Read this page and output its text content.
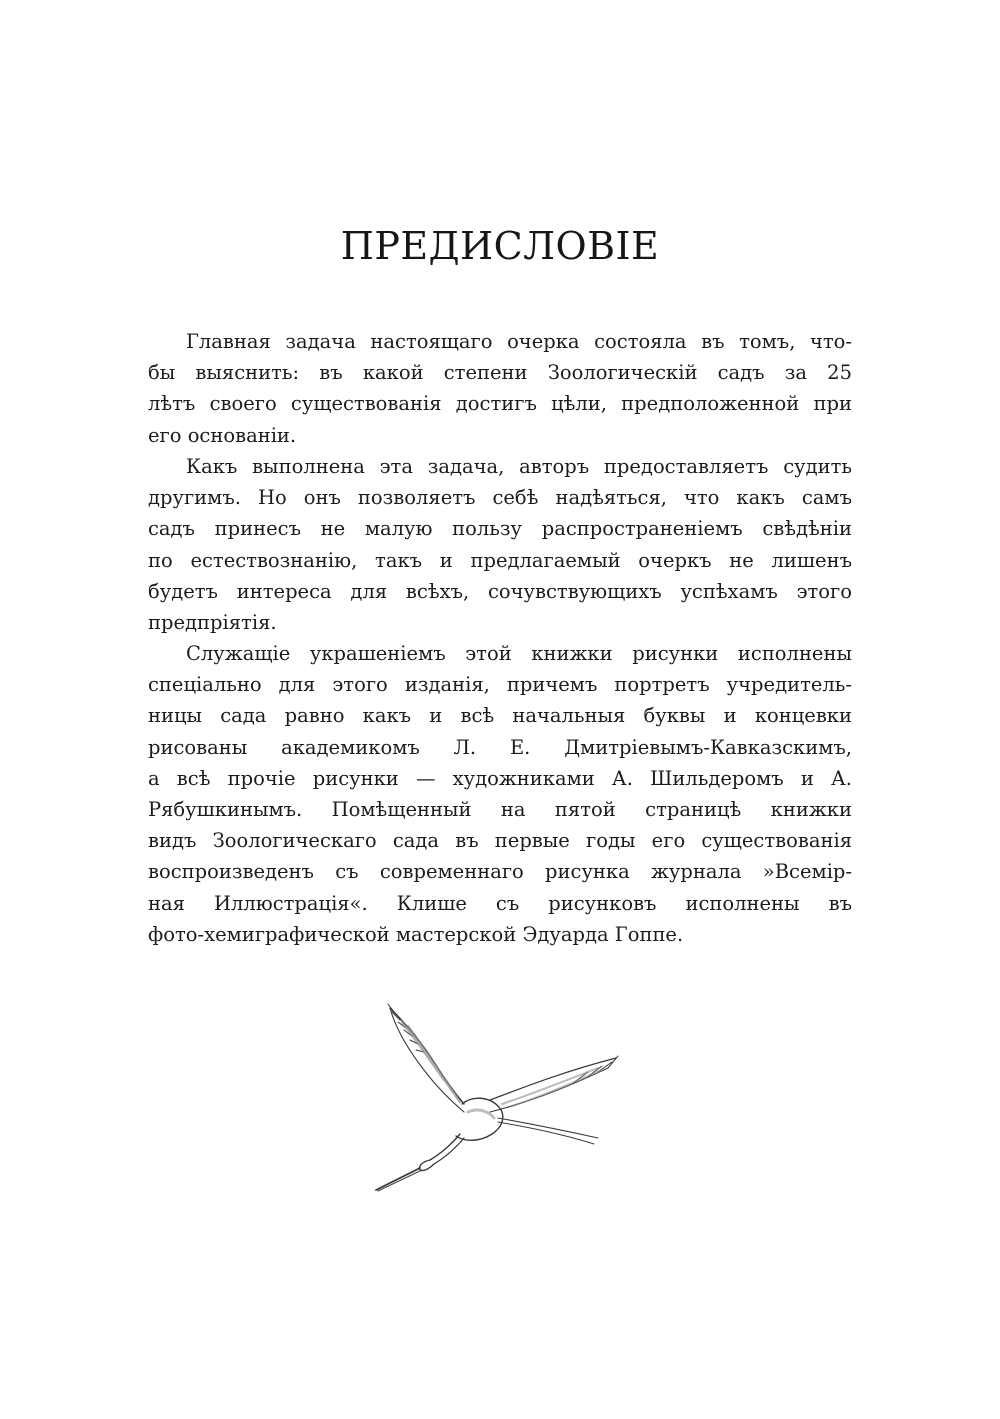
ПРЕДИСЛОВІЕ
Главная задача настоящаго очерка состояла въ томъ, что-
бы выяснить: въ какой степени Зоологическій садъ за 25
лѣтъ своего существованія достигъ цѣли, предположенной при
его основаніи.
Какъ выполнена эта задача, авторъ предоставляетъ судить
другимъ. Но онъ позволяетъ себѣ надѣяться, что какъ самъ
садъ принесъ не малую пользу распространеніемъ свѣдѣніи
по естествознанію, такъ и предлагаемый очеркъ не лишенъ
будетъ интереса для всѣхъ, сочувствующихъ успѣхамъ этого
предпріятія.
Служащіе украшеніемъ этой книжки рисунки исполнены
спеціально для этого изданія, причемъ портретъ учредитель-
ницы сада равно какъ и всѣ начальныя буквы и концевки
рисованы академикомъ Л. Е. Дмитріевымъ-Кавказскимъ,
а всѣ прочіе рисунки — художниками А. Шильдеромъ и А.
Рябушкинымъ. Помѣщенный на пятой страницѣ книжки
видъ Зоологическаго сада въ первые годы его существованія
воспроизведенъ съ современнаго рисунка журнала »Всемір-
ная Иллюстрація«. Клише съ рисунковъ исполнены въ
фото-хемиграфической мастерской Эдуарда Гоппе.
